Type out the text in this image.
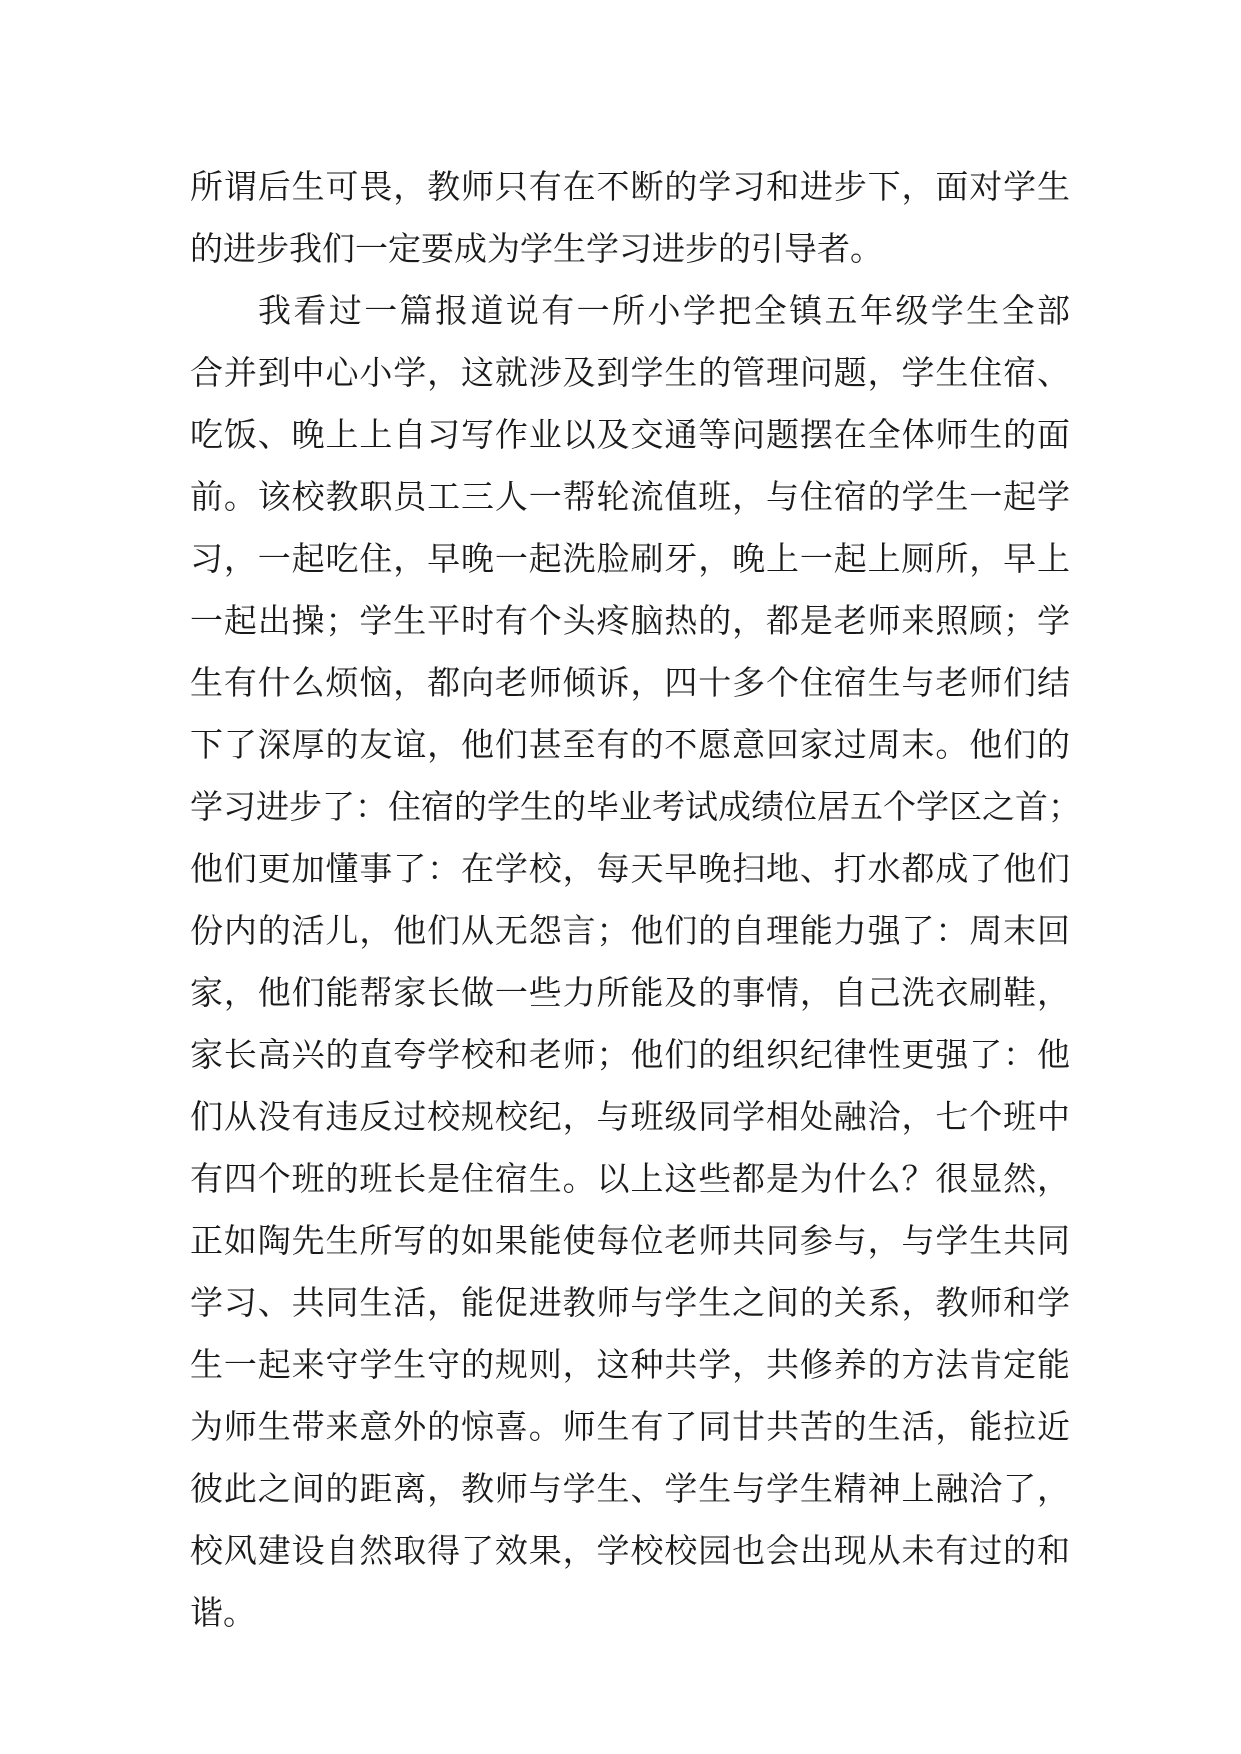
所谓后生可畏，教师只有在不断的学习和进步下，面对学生
的进步我们一定要成为学生学习进步的引导者。
我看过一篇报道说有一所小学把全镇五年级学生全部
合并到中心小学，这就涉及到学生的管理问题，学生住宿、
吃饭、晚上上自习写作业以及交通等问题摆在全体师生的面
前。该校教职员工三人一帮轮流值班，与住宿的学生一起学
习，一起吃住，早晚一起洗脸刷牙，晚上一起上厕所，早上
一起出操；学生平时有个头疼脑热的，都是老师来照顾；学
生有什么烦恼，都向老师倾诉，四十多个住宿生与老师们结
下了深厚的友谊，他们甚至有的不愿意回家过周末。他们的
学习进步了：住宿的学生的毕业考试成绩位居五个学区之首；
他们更加懂事了：在学校，每天早晚扫地、打水都成了他们
份内的活儿，他们从无怨言；他们的自理能力强了：周末回
家，他们能帮家长做一些力所能及的事情，自己洗衣刷鞋，
家长高兴的直夸学校和老师；他们的组织纪律性更强了：他
们从没有违反过校规校纪，与班级同学相处融洽，七个班中
有四个班的班长是住宿生。以上这些都是为什么？很显然，
正如陶先生所写的如果能使每位老师共同参与，与学生共同
学习、共同生活，能促进教师与学生之间的关系，教师和学
生一起来守学生守的规则，这种共学，共修养的方法肯定能
为师生带来意外的惊喜。师生有了同甘共苦的生活，能拉近
彼此之间的距离，教师与学生、学生与学生精神上融洽了，
校风建设自然取得了效果，学校校园也会出现从未有过的和
谐。
